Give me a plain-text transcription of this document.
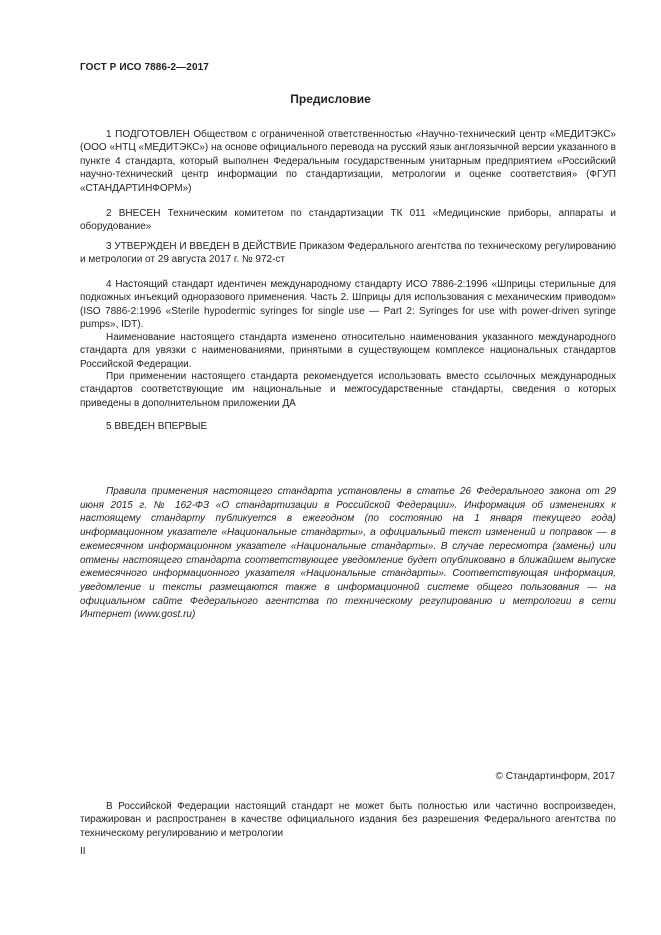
ГОСТ Р ИСО 7886-2—2017
Предисловие

1 ПОДГОТОВЛЕН Обществом с ограниченной ответственностью «Научно-технический центр «МЕДИТЭКС» (ООО «НТЦ «МЕДИТЭКС») на основе официального перевода на русский язык англоязычной версии указанного в пункте 4 стандарта, который выполнен Федеральным государственным унитарным предприятием «Российский научно-технический центр информации по стандартизации, метрологии и оценке соответствия» (ФГУП «СТАНДАРТИНФОРМ»)

2 ВНЕСЕН Техническим комитетом по стандартизации ТК 011 «Медицинские приборы, аппараты и оборудование»

3 УТВЕРЖДЕН И ВВЕДЕН В ДЕЙСТВИЕ Приказом Федерального агентства по техническому регулированию и метрологии от 29 августа 2017 г. № 972-ст

4 Настоящий стандарт идентичен международному стандарту ИСО 7886-2:1996 «Шприцы стерильные для подкожных инъекций одноразового применения. Часть 2. Шприцы для использования с механическим приводом» (ISO 7886-2:1996 «Sterile hypodermic syringes for single use — Part 2: Syringes for use with power-driven syringe pumps», IDT).

Наименование настоящего стандарта изменено относительно наименования указанного международного стандарта для увязки с наименованиями, принятыми в существующем комплексе национальных стандартов Российской Федерации.

При применении настоящего стандарта рекомендуется использовать вместо ссылочных международных стандартов соответствующие им национальные и межгосударственные стандарты, сведения о которых приведены в дополнительном приложении ДА

5 ВВЕДЕН ВПЕРВЫЕ

Правила применения настоящего стандарта установлены в статье 26 Федерального закона от 29 июня 2015 г. № 162-ФЗ «О стандартизации в Российской Федерации». Информация об изменениях к настоящему стандарту публикуется в ежегодном (по состоянию на 1 января текущего года) информационном указателе «Национальные стандарты», а официальный текст изменений и поправок — в ежемесячном информационном указателе «Национальные стандарты». В случае пересмотра (замены) или отмены настоящего стандарта соответствующее уведомление будет опубликовано в ближайшем выпуске ежемесячного информационного указателя «Национальные стандарты». Соответствующая информация, уведомление и тексты размещаются также в информационной системе общего пользования — на официальном сайте Федерального агентства по техническому регулированию и метрологии в сети Интернет (www.gost.ru)

© Стандартинформ, 2017

В Российской Федерации настоящий стандарт не может быть полностью или частично воспроизведен, тиражирован и распространен в качестве официального издания без разрешения Федерального агентства по техническому регулированию и метрологии

II
